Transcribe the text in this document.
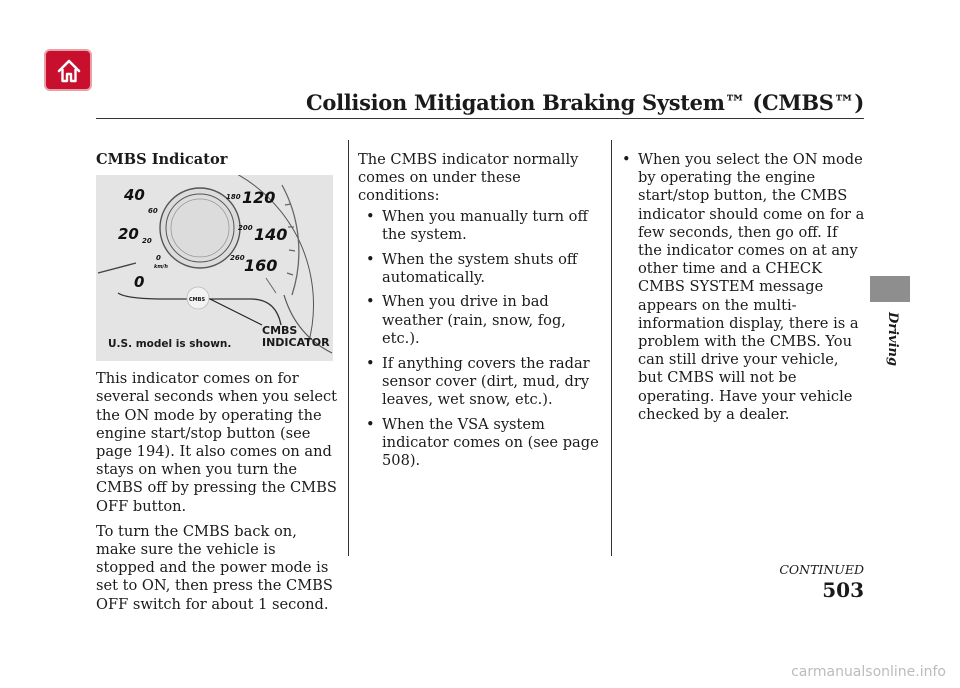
Collision Mitigation Braking System™ (CMBS™)
Driving
CMBS Indicator
40
60
20 20
0
0
km/h
180 120
200 140
260 160
CMBS
U.S. model is shown.
CMBS
INDICATOR

This indicator comes on for several seconds when you select the ON mode by operating the engine start/stop button (see page 194). It also comes on and stays on when you turn the CMBS off by pressing the CMBS OFF button.

To turn the CMBS back on, make sure the vehicle is stopped and the power mode is set to ON, then press the CMBS OFF switch for about 1 second.

The CMBS indicator normally comes on under these conditions:

• When you manually turn off the system.
• When the system shuts off automatically.
• When you drive in bad weather (rain, snow, fog, etc.).
• If anything covers the radar sensor cover (dirt, mud, dry leaves, wet snow, etc.).
• When the VSA system indicator comes on (see page 508).
• When you select the ON mode by operating the engine start/stop button, the CMBS indicator should come on for a few seconds, then go off. If the indicator comes on at any other time and a CHECK CMBS SYSTEM message appears on the multi-information display, there is a problem with the CMBS. You can still drive your vehicle, but CMBS will not be operating. Have your vehicle checked by a dealer.
CONTINUED
503
carmanualsonline.info
